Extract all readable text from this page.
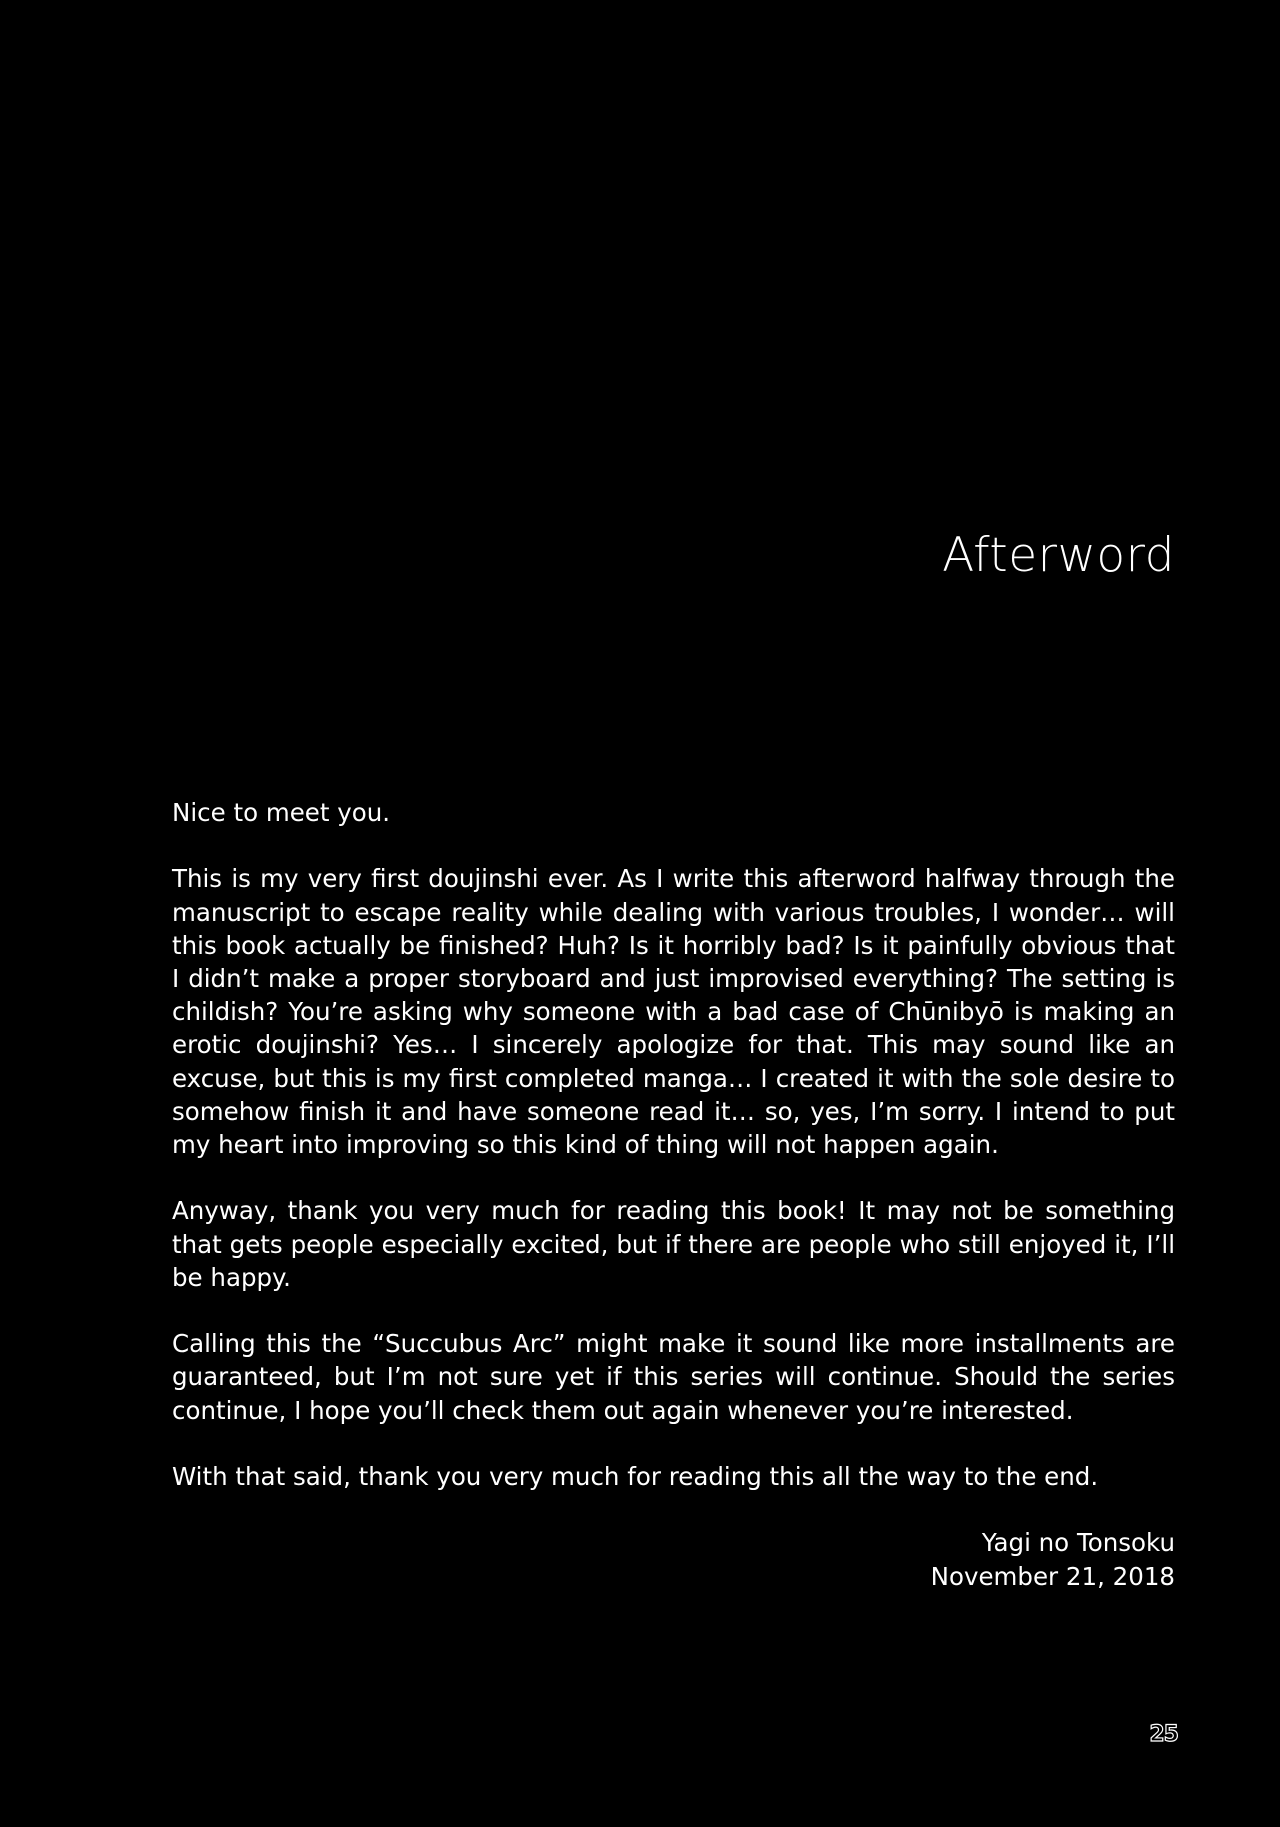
Afterword

Nice to meet you.

This is my very first doujinshi ever. As I write this afterword halfway through the manuscript to escape reality while dealing with various troubles, I wonder… will this book actually be finished? Huh? Is it horribly bad? Is it painfully obvious that I didn’t make a proper storyboard and just improvised everything? The setting is childish? You’re asking why someone with a bad case of Chūnibyō is making an erotic doujinshi? Yes… I sincerely apologize for that. This may sound like an excuse, but this is my first completed manga… I created it with the sole desire to somehow finish it and have someone read it… so, yes, I’m sorry. I intend to put my heart into improving so this kind of thing will not happen again.

Anyway, thank you very much for reading this book! It may not be something that gets people especially excited, but if there are people who still enjoyed it, I’ll be happy.

Calling this the “Succubus Arc” might make it sound like more installments are guaranteed, but I’m not sure yet if this series will continue. Should the series continue, I hope you’ll check them out again whenever you’re interested.

With that said, thank you very much for reading this all the way to the end.

Yagi no Tonsoku
November 21, 2018
25
